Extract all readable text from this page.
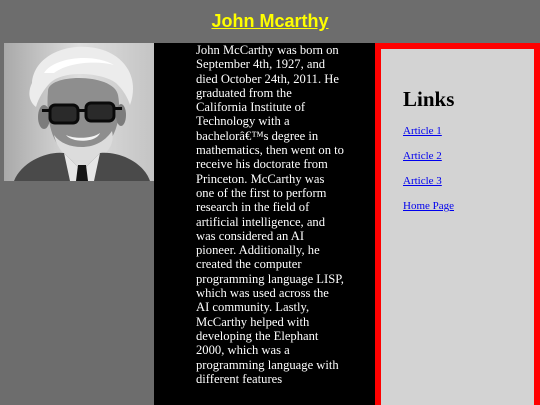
John Mcarthy

John McCarthy was born on September 4th, 1927, and died October 24th, 2011. He graduated from the California Institute of Technology with a bachelorâ€™s degree in mathematics, then went on to receive his doctorate from Princeton. McCarthy was one of the first to perform research in the field of artificial intelligence, and was considered an AI pioneer. Additionally, he created the computer programming language LISP, which was used across the AI community. Lastly, McCarthy helped with developing the Elephant 2000, which was a programming language with different features

Links
Article 1
Article 2
Article 3
Home Page
